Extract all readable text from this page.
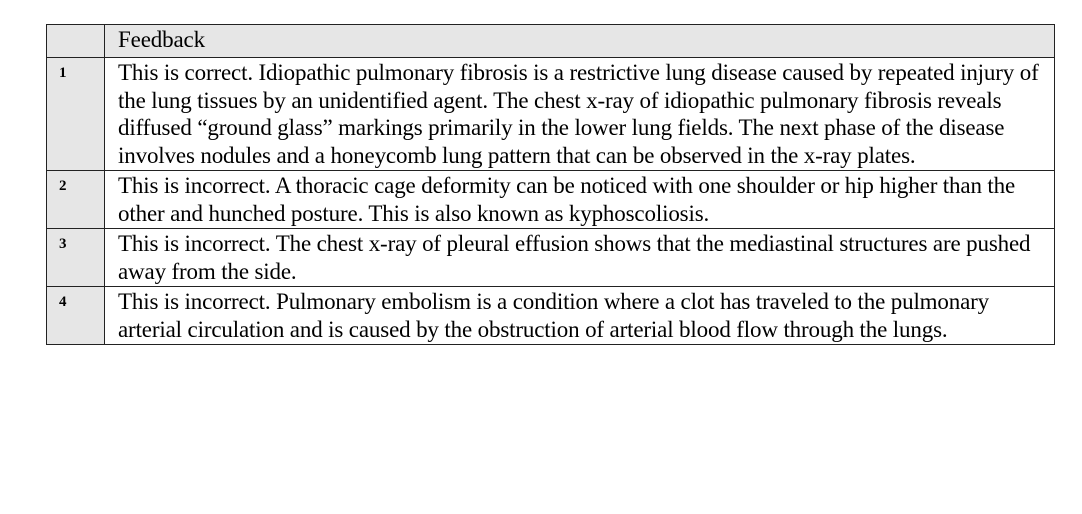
	Feedback
1	This is correct. Idiopathic pulmonary fibrosis is a restrictive lung disease caused by repeated injury of the lung tissues by an unidentified agent. The chest x-ray of idiopathic pulmonary fibrosis reveals diffused “ground glass” markings primarily in the lower lung fields. The next phase of the disease involves nodules and a honeycomb lung pattern that can be observed in the x-ray plates.
2	This is incorrect. A thoracic cage deformity can be noticed with one shoulder or hip higher than the other and hunched posture. This is also known as kyphoscoliosis.
3	This is incorrect. The chest x-ray of pleural effusion shows that the mediastinal structures are pushed away from the side.
4	This is incorrect. Pulmonary embolism is a condition where a clot has traveled to the pulmonary arterial circulation and is caused by the obstruction of arterial blood flow through the lungs.
